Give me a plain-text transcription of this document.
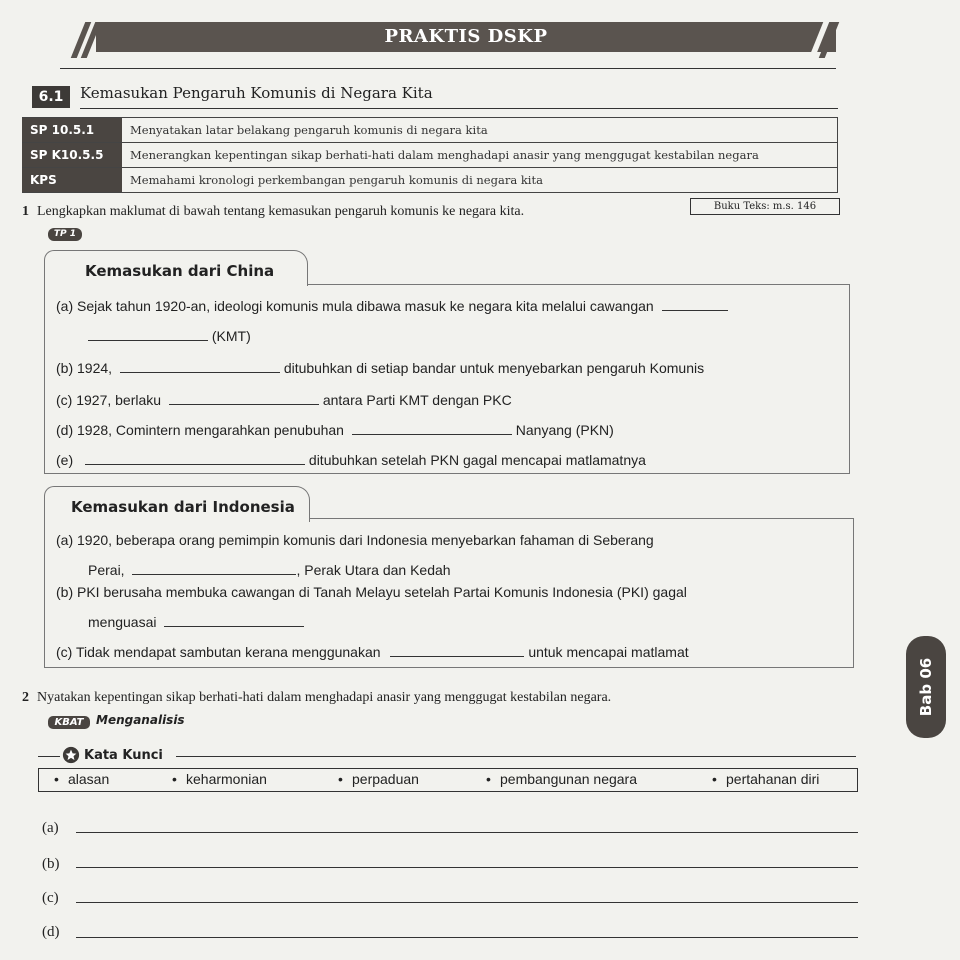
PRAKTIS DSKP
6.1	Kemasukan Pengaruh Komunis di Negara Kita
SP 10.5.1	Menyatakan latar belakang pengaruh komunis di negara kita
SP K10.5.5	Menerangkan kepentingan sikap berhati-hati dalam menghadapi anasir yang menggugat kestabilan negara
KPS	Memahami kronologi perkembangan pengaruh komunis di negara kita
1 Lengkapkan maklumat di bawah tentang kemasukan pengaruh komunis ke negara kita.	Buku Teks: m.s. 146
TP 1
Kemasukan dari China
(a) Sejak tahun 1920-an, ideologi komunis mula dibawa masuk ke negara kita melalui cawangan
(KMT)
(b) 1924,	ditubuhkan di setiap bandar untuk menyebarkan pengaruh Komunis
(c) 1927, berlaku	antara Parti KMT dengan PKC
(d) 1928, Comintern mengarahkan penubuhan	Nanyang (PKN)
(e)	ditubuhkan setelah PKN gagal mencapai matlamatnya
Kemasukan dari Indonesia
(a) 1920, beberapa orang pemimpin komunis dari Indonesia menyebarkan fahaman di Seberang
Perai,	, Perak Utara dan Kedah
(b) PKI berusaha membuka cawangan di Tanah Melayu setelah Partai Komunis Indonesia (PKI) gagal
menguasai
(c) Tidak mendapat sambutan kerana menggunakan	untuk mencapai matlamat
Bab 06
2 Nyatakan kepentingan sikap berhati-hati dalam menghadapi anasir yang menggugat kestabilan negara.
KBAT	Menganalisis
Kata Kunci
• alasan	• keharmonian	• perpaduan	• pembangunan negara	• pertahanan diri
(a)
(b)
(c)
(d)
